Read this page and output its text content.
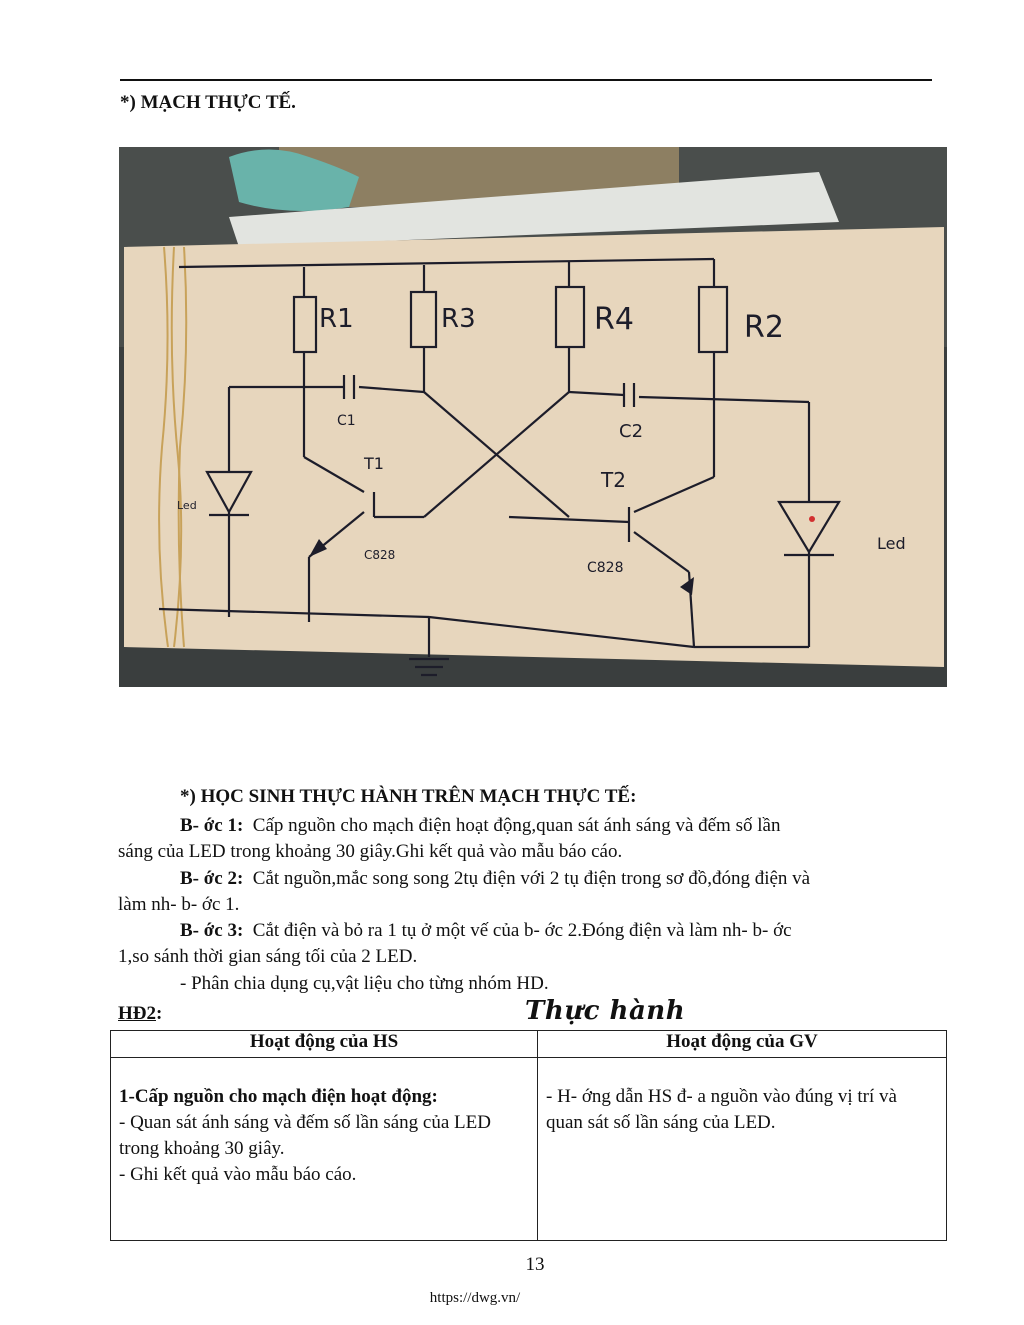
*) MẠCH THỰC TẾ.
R1	R3	R4	R2
C1	C2
T1
T2
C828
C828
Led
Led
*) HỌC SINH THỰC HÀNH TRÊN MẠCH THỰC TẾ:
B- ớc 1: Cấp nguồn cho mạch điện hoạt động,quan sát ánh sáng và đếm số lần
sáng của LED trong khoảng 30 giây.Ghi kết quả vào mẫu báo cáo.
B- ớc 2: Cắt nguồn,mắc song song 2tụ điện với 2 tụ điện trong sơ đồ,đóng điện và
làm nh- b- ớc 1.
B- ớc 3: Cắt điện và bỏ ra 1 tụ ở một vế của b- ớc 2.Đóng điện và làm nh- b- ớc
1,so sánh thời gian sáng tối của 2 LED.
- Phân chia dụng cụ,vật liệu cho từng nhóm HD.
HĐ2:	Thực hành
Hoạt động của HS	Hoạt động của GV

1-Cấp nguồn cho mạch điện hoạt động:
- Quan sát ánh sáng và đếm số lần sáng của LED trong khoảng 30 giây.
- Ghi kết quả vào mẫu báo cáo.	- H- ớng dẫn HS đ- a nguồn vào đúng vị trí và quan sát số lần sáng của LED.
13
https://dwg.vn/
